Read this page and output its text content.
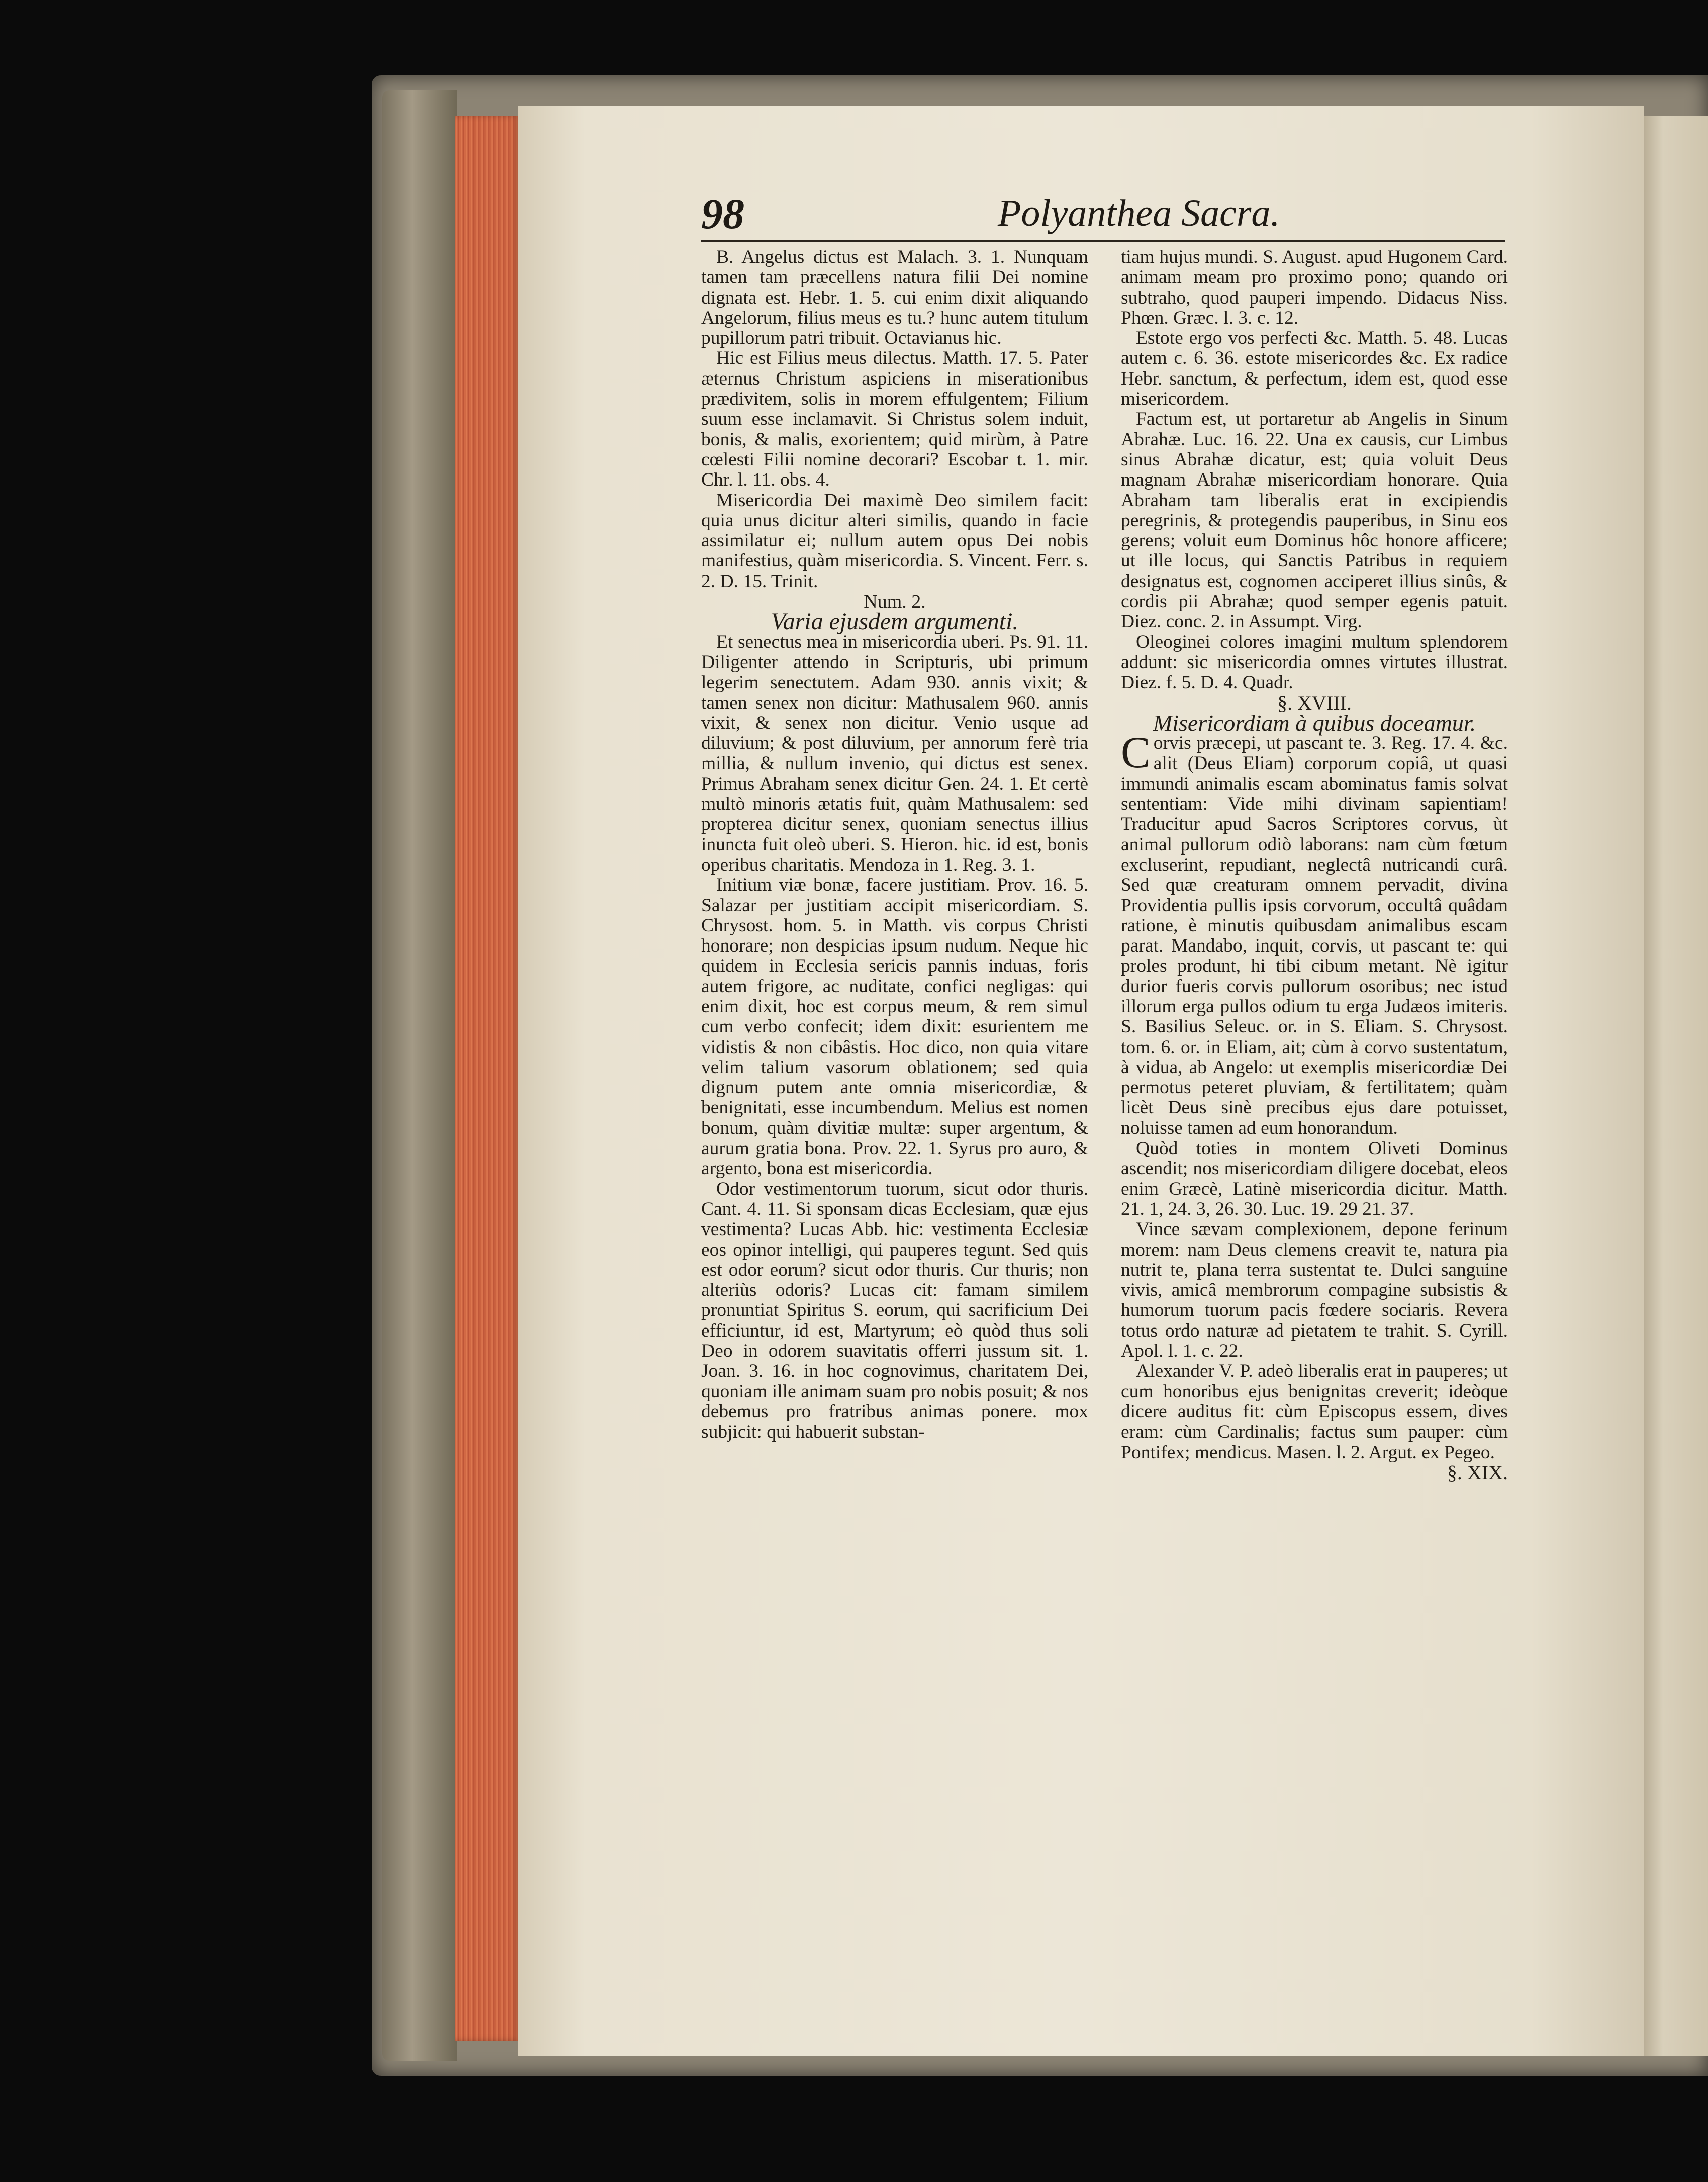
98	Polyanthea Sacra.

B. Angelus dictus est Malach. 3. 1. Nunquam tamen tam præcellens natura filii Dei nomine dignata est. Hebr. 1. 5. cui enim dixit aliquando Angelorum, filius meus es tu.? hunc autem titulum pupillorum patri tribuit. Octavianus hic.

Hic est Filius meus dilectus. Matth. 17. 5. Pater æternus Christum aspiciens in miserationibus prædivitem, solis in morem effulgentem; Filium suum esse inclamavit. Si Christus solem induit, bonis, & malis, exorientem; quid mirùm, à Patre cœlesti Filii nomine decorari? Escobar t. 1. mir. Chr. l. 11. obs. 4.

Misericordia Dei maximè Deo similem facit: quia unus dicitur alteri similis, quando in facie assimilatur ei; nullum autem opus Dei nobis manifestius, quàm misericordia. S. Vincent. Ferr. s. 2. D. 15. Trinit.

Num. 2.

Varia ejusdem argumenti.

Et senectus mea in misericordia uberi. Ps. 91. 11. Diligenter attendo in Scripturis, ubi primum legerim senectutem. Adam 930. annis vixit; & tamen senex non dicitur: Mathusalem 960. annis vixit, & senex non dicitur. Venio usque ad diluvium; & post diluvium, per annorum ferè tria millia, & nullum invenio, qui dictus est senex. Primus Abraham senex dicitur Gen. 24. 1. Et certè multò minoris ætatis fuit, quàm Mathusalem: sed propterea dicitur senex, quoniam senectus illius inuncta fuit oleò uberi. S. Hieron. hic. id est, bonis operibus charitatis. Mendoza in 1. Reg. 3. 1.

Initium viæ bonæ, facere justitiam. Prov. 16. 5. Salazar per justitiam accipit misericordiam. S. Chrysost. hom. 5. in Matth. vis corpus Christi honorare; non despicias ipsum nudum. Neque hic quidem in Ecclesia sericis pannis induas, foris autem frigore, ac nuditate, confici negligas: qui enim dixit, hoc est corpus meum, & rem simul cum verbo confecit; idem dixit: esurientem me vidistis & non cibâstis. Hoc dico, non quia vitare velim talium vasorum oblationem; sed quia dignum putem ante omnia misericordiæ, & benignitati, esse incumbendum. Melius est nomen bonum, quàm divitiæ multæ: super argentum, & aurum gratia bona. Prov. 22. 1. Syrus pro auro, & argento, bona est misericordia.

Odor vestimentorum tuorum, sicut odor thuris. Cant. 4. 11. Si sponsam dicas Ecclesiam, quæ ejus vestimenta? Lucas Abb. hic: vestimenta Ecclesiæ eos opinor intelligi, qui pauperes tegunt. Sed quis est odor eorum? sicut odor thuris. Cur thuris; non alteriùs odoris? Lucas cit: famam similem pronuntiat Spiritus S. eorum, qui sacrificium Dei efficiuntur, id est, Martyrum; eò quòd thus soli Deo in odorem suavitatis offerri jussum sit. 1. Joan. 3. 16. in hoc cognovimus, charitatem Dei, quoniam ille animam suam pro nobis posuit; & nos debemus pro fratribus animas ponere. mox subjicit: qui habuerit substan-

tiam hujus mundi. S. August. apud Hugonem Card. animam meam pro proximo pono; quando ori subtraho, quod pauperi impendo. Didacus Niss. Phœn. Græc. l. 3. c. 12.

Estote ergo vos perfecti &c. Matth. 5. 48. Lucas autem c. 6. 36. estote misericordes &c. Ex radice Hebr. sanctum, & perfectum, idem est, quod esse misericordem.

Factum est, ut portaretur ab Angelis in Sinum Abrahæ. Luc. 16. 22. Una ex causis, cur Limbus sinus Abrahæ dicatur, est; quia voluit Deus magnam Abrahæ misericordiam honorare. Quia Abraham tam liberalis erat in excipiendis peregrinis, & protegendis pauperibus, in Sinu eos gerens; voluit eum Dominus hôc honore afficere; ut ille locus, qui Sanctis Patribus in requiem designatus est, cognomen acciperet illius sinûs, & cordis pii Abrahæ; quod semper egenis patuit. Diez. conc. 2. in Assumpt. Virg.

Oleoginei colores imagini multum splendorem addunt: sic misericordia omnes virtutes illustrat. Diez. f. 5. D. 4. Quadr.

§. XVIII.

Misericordiam à quibus doceamur.

C orvis præcepi, ut pascant te. 3. Reg. 17. 4. &c. alit (Deus Eliam) corporum copiâ, ut quasi immundi animalis escam abominatus famis solvat sententiam: Vide mihi divinam sapientiam! Traducitur apud Sacros Scriptores corvus, ùt animal pullorum odiò laborans: nam cùm fœtum excluserint, repudiant, neglectâ nutricandi curâ. Sed quæ creaturam omnem pervadit, divina Providentia pullis ipsis corvorum, occultâ quâdam ratione, è minutis quibusdam animalibus escam parat. Mandabo, inquit, corvis, ut pascant te: qui proles produnt, hi tibi cibum metant. Nè igitur durior fueris corvis pullorum osoribus; nec istud illorum erga pullos odium tu erga Judæos imiteris. S. Basilius Seleuc. or. in S. Eliam. S. Chrysost. tom. 6. or. in Eliam, ait; cùm à corvo sustentatum, à vidua, ab Angelo: ut exemplis misericordiæ Dei permotus peteret pluviam, & fertilitatem; quàm licèt Deus sinè precibus ejus dare potuisset, noluisse tamen ad eum honorandum.

Quòd toties in montem Oliveti Dominus ascendit; nos misericordiam diligere docebat, eleos enim Græcè, Latinè misericordia dicitur. Matth. 21. 1, 24. 3, 26. 30. Luc. 19. 29 21. 37.

Vince sævam complexionem, depone ferinum morem: nam Deus clemens creavit te, natura pia nutrit te, plana terra sustentat te. Dulci sanguine vivis, amicâ membrorum compagine subsistis & humorum tuorum pacis fœdere sociaris. Revera totus ordo naturæ ad pietatem te trahit. S. Cyrill. Apol. l. 1. c. 22.

Alexander V. P. adeò liberalis erat in pauperes; ut cum honoribus ejus benignitas creverit; ideòque dicere auditus fit: cùm Episcopus essem, dives eram: cùm Cardinalis; factus sum pauper: cùm Pontifex; mendicus. Masen. l. 2. Argut. ex Pegeo.

§. XIX.
